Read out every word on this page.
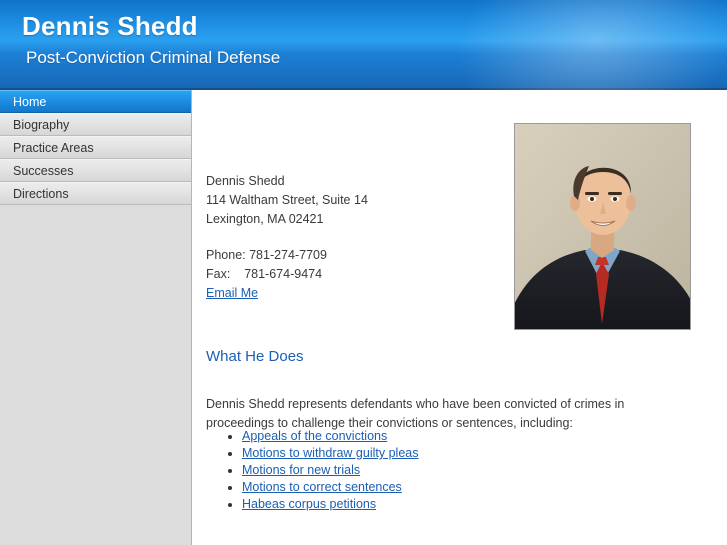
Dennis Shedd
Post-Conviction Criminal Defense
Home
Biography
Practice Areas
Successes
Directions
Dennis Shedd
114 Waltham Street, Suite 14
Lexington, MA 02421
Phone: 781-274-7709
Fax:    781-674-9474
Email Me
What He Does

Dennis Shedd represents defendants who have been convicted of crimes in proceedings to challenge their convictions or sentences, including:

• Appeals of the convictions
• Motions to withdraw guilty pleas
• Motions for new trials
• Motions to correct sentences
• Habeas corpus petitions
